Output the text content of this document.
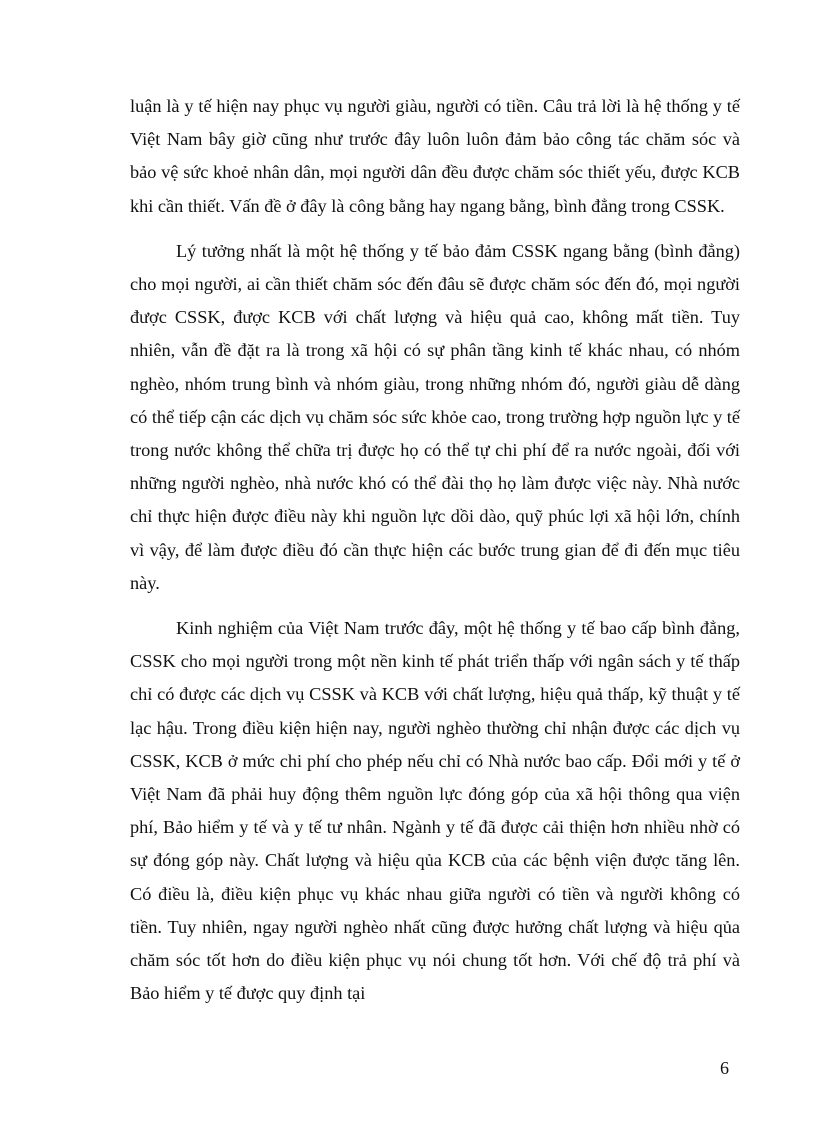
luận là y tế hiện nay phục vụ người giàu, người có tiền. Câu trả lời là hệ thống y tế Việt Nam bây giờ cũng như trước đây luôn luôn đảm bảo công tác chăm sóc và bảo vệ sức khoẻ nhân dân, mọi người dân đều được chăm sóc thiết yếu, được KCB khi cần thiết. Vấn đề ở đây là công bằng hay ngang bằng, bình đẳng trong CSSK.

Lý tưởng nhất là một hệ thống y tế bảo đảm CSSK ngang bằng (bình đẳng) cho mọi người, ai cần thiết chăm sóc đến đâu sẽ được chăm sóc đến đó, mọi người được CSSK, được KCB với chất lượng và hiệu quả cao, không mất tiền. Tuy nhiên, vẫn đề đặt ra là trong xã hội có sự phân tầng kinh tế khác nhau, có nhóm nghèo, nhóm trung bình và nhóm giàu, trong những nhóm đó, người giàu dễ dàng có thể tiếp cận các dịch vụ chăm sóc sức khỏe cao, trong trường hợp nguồn lực y tế trong nước không thể chữa trị được họ có thể tự chi phí để ra nước ngoài, đối với những người nghèo, nhà nước khó có thể đài thọ họ làm được việc này. Nhà nước chỉ thực hiện được điều này khi nguồn lực dồi dào, quỹ phúc lợi xã hội lớn, chính vì vậy, để làm được điều đó cần thực hiện các bước trung gian để đi đến mục tiêu này.

Kinh nghiệm của Việt Nam trước đây, một hệ thống y tế bao cấp bình đẳng, CSSK cho mọi người trong một nền kinh tế phát triển thấp với ngân sách y tế thấp chỉ có được các dịch vụ CSSK và KCB với chất lượng, hiệu quả thấp, kỹ thuật y tế lạc hậu. Trong điều kiện hiện nay, người nghèo thường chỉ nhận được các dịch vụ CSSK, KCB ở mức chi phí cho phép nếu chỉ có Nhà nước bao cấp. Đổi mới y tế ở Việt Nam đã phải huy động thêm nguồn lực đóng góp của xã hội thông qua viện phí, Bảo hiểm y tế và y tế tư nhân. Ngành y tế đã được cải thiện hơn nhiều nhờ có sự đóng góp này. Chất lượng và hiệu qủa KCB của các bệnh viện được tăng lên. Có điều là, điều kiện phục vụ khác nhau giữa người có tiền và người không có tiền. Tuy nhiên, ngay người nghèo nhất cũng được hưởng chất lượng và hiệu qủa chăm sóc tốt hơn do điều kiện phục vụ nói chung tốt hơn. Với chế độ trả phí và Bảo hiểm y tế được quy định tại

6
